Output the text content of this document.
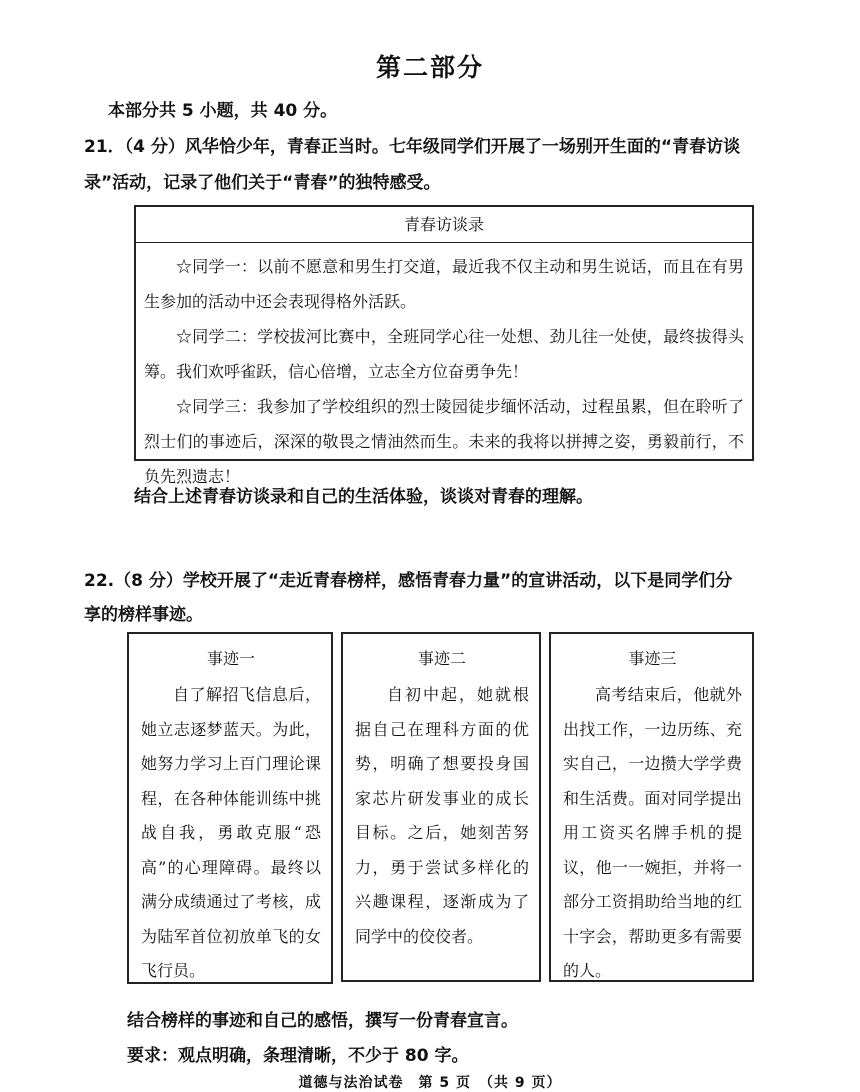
第二部分
本部分共 5 小题，共 40 分。
21．（4 分）风华恰少年，青春正当时。七年级同学们开展了一场别开生面的“青春访谈
录”活动，记录了他们关于“青春”的独特感受。
青春访谈录

☆同学一：以前不愿意和男生打交道，最近我不仅主动和男生说话，而且在有男生参加的活动中还会表现得格外活跃。

☆同学二：学校拔河比赛中，全班同学心往一处想、劲儿往一处使，最终拔得头筹。我们欢呼雀跃，信心倍增，立志全方位奋勇争先！

☆同学三：我参加了学校组织的烈士陵园徒步缅怀活动，过程虽累，但在聆听了烈士们的事迹后，深深的敬畏之情油然而生。未来的我将以拼搏之姿，勇毅前行，不负先烈遗志！

结合上述青春访谈录和自己的生活体验，谈谈对青春的理解。
22.（8 分）学校开展了“走近青春榜样，感悟青春力量”的宣讲活动，以下是同学们分
享的榜样事迹。
事迹一

自了解招飞信息后，她立志逐梦蓝天。为此，她努力学习上百门理论课程，在各种体能训练中挑战自我，勇敢克服“恐高”的心理障碍。最终以满分成绩通过了考核，成为陆军首位初放单飞的女飞行员。

事迹二

自初中起，她就根据自己在理科方面的优势，明确了想要投身国家芯片研发事业的成长目标。之后，她刻苦努力，勇于尝试多样化的兴趣课程，逐渐成为了同学中的佼佼者。

事迹三

高考结束后，他就外出找工作，一边历练、充实自己，一边攒大学学费和生活费。面对同学提出用工资买名牌手机的提议，他一一婉拒，并将一部分工资捐助给当地的红十字会，帮助更多有需要的人。

结合榜样的事迹和自己的感悟，撰写一份青春宣言。
要求：观点明确，条理清晰，不少于 80 字。
道德与法治试卷　第 5 页　（共 9 页）
